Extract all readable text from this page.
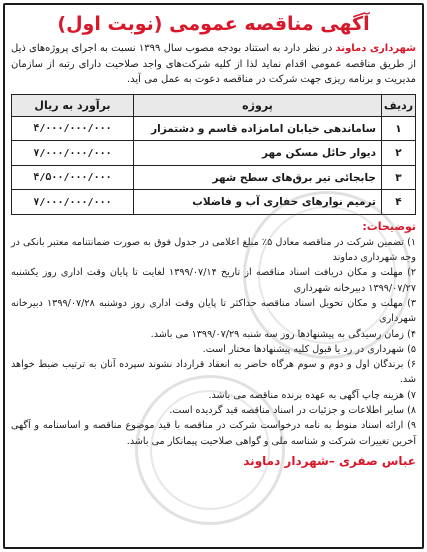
آگهی مناقصه عمومی (نوبت اول)

شهرداری دماوند در نظر دارد به استناد بودجه مصوب سال ۱۳۹۹ نسبت به اجرای پروژه‌های ذیل از طریق مناقصه عمومی اقدام نماید لذا از کلیه شرکت‌های واجد صلاحیت دارای رتبه از سازمان مدیریت و برنامه ریزی جهت شرکت در مناقصه دعوت به عمل می آید.

ردیف	پروژه	برآورد به ریال
۱	ساماندهی خیابان امامزاده قاسم و دشتمزار	۴/۰۰۰/۰۰۰/۰۰۰
۲	دیوار حائل مسکن مهر	۷/۰۰۰/۰۰۰/۰۰۰
۳	جابجائی تیر برق‌های سطح شهر	۴/۵۰۰/۰۰۰/۰۰۰
۴	ترمیم نوارهای حفاری آب و فاضلاب	۷/۰۰۰/۰۰۰/۰۰۰
توضیحات:
۱) تضمین شرکت در مناقصه معادل ۵٪ مبلغ اعلامی در جدول فوق به صورت ضمانتنامه معتبر بانکی در وجه شهرداری دماوند
۲) مهلت و مکان دریافت اسناد مناقصه از تاریخ ۱۳۹۹/۰۷/۱۴ لغایت تا پایان وقت اداری روز یکشنبه ۱۳۹۹/۰۷/۲۷ دبیرخانه شهرداری
۳) مهلت و مکان تحویل اسناد مناقصه حداکثر تا پایان وقت اداری روز دوشنبه ۱۳۹۹/۰۷/۲۸ دبیرخانه شهرداری
۴) زمان رسیدگی به پیشنهادها روز سه شنبه ۱۳۹۹/۰۷/۲۹ می باشد.
۵) شهرداری در رد یا قبول کلیه پیشنهادها مختار است.
۶) برندگان اول و دوم و سوم هرگاه حاضر به انعقاد قرارداد نشوند سپرده آنان به ترتیب ضبط خواهد شد.
۷) هزینه چاپ آگهی به عهده برنده مناقصه می باشد.
۸) سایر اطلاعات و جزئیات در اسناد مناقصه قید گردیده است.
۹) ارائه اسناد منوط به نامه درخواست شرکت در مناقصه با قید موضوع مناقصه و اساسنامه و آگهی آخرین تغییرات شرکت و شناسه ملی و گواهی صلاحیت پیمانکار می باشد.
عباس صفری –شهردار دماوند
